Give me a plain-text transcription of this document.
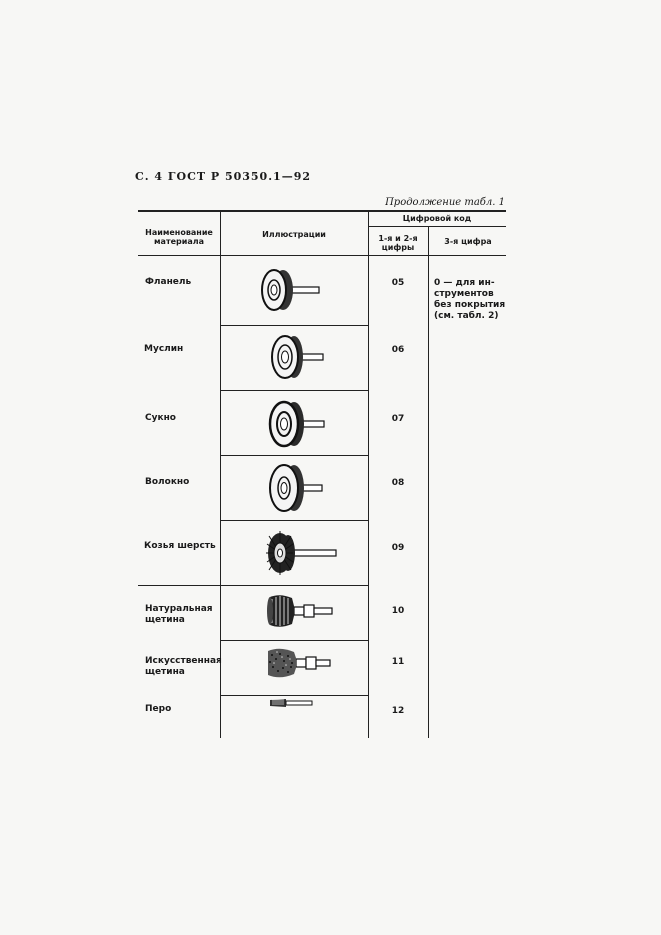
С. 4 ГОСТ Р 50350.1—92
Продолжение табл. 1
Наименование
материала
Иллюстрации
Цифровой код
1-я и 2-я
цифры
3-я цифра
Фланель
Муслин
Сукно
Волокно
Козья шерсть
Натуральная
щетина
Искусственная
щетина
Перо
05
06
07
08
09
10
11
12
0 — для ин-
струментов
без покрытия
(см. табл. 2)
